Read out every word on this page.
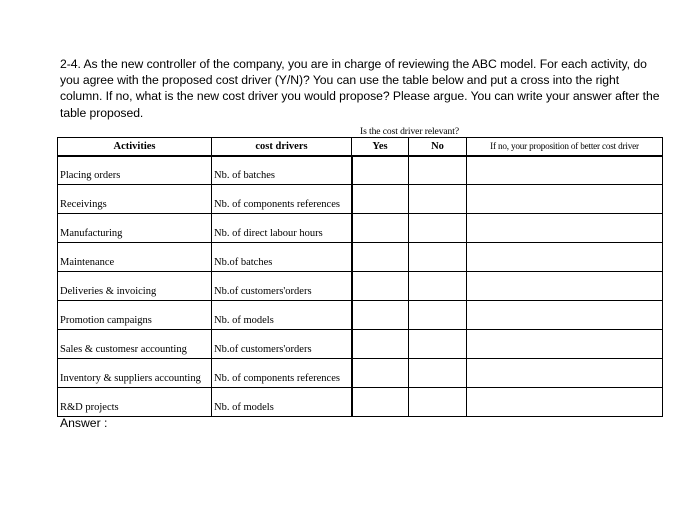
2-4. As the new controller of the company, you are in charge of reviewing the ABC model. For each activity, do you agree with the proposed cost driver (Y/N)? You can use the table below and put a cross into the right column. If no, what is the new cost driver you would propose? Please argue. You can write your answer after the table proposed.
Is the cost driver relevant?
Activities	cost drivers	Yes	No	If no, your proposition of better cost driver
Placing orders	Nb. of batches			
Receivings	Nb. of components references			
Manufacturing	Nb. of direct labour hours			
Maintenance	Nb.of batches			
Deliveries & invoicing	Nb.of customers'orders			
Promotion campaigns	Nb. of models			
Sales & customesr accounting	Nb.of customers'orders			
Inventory & suppliers accounting	Nb. of components references			
R&D projects	Nb. of models			
Answer :
